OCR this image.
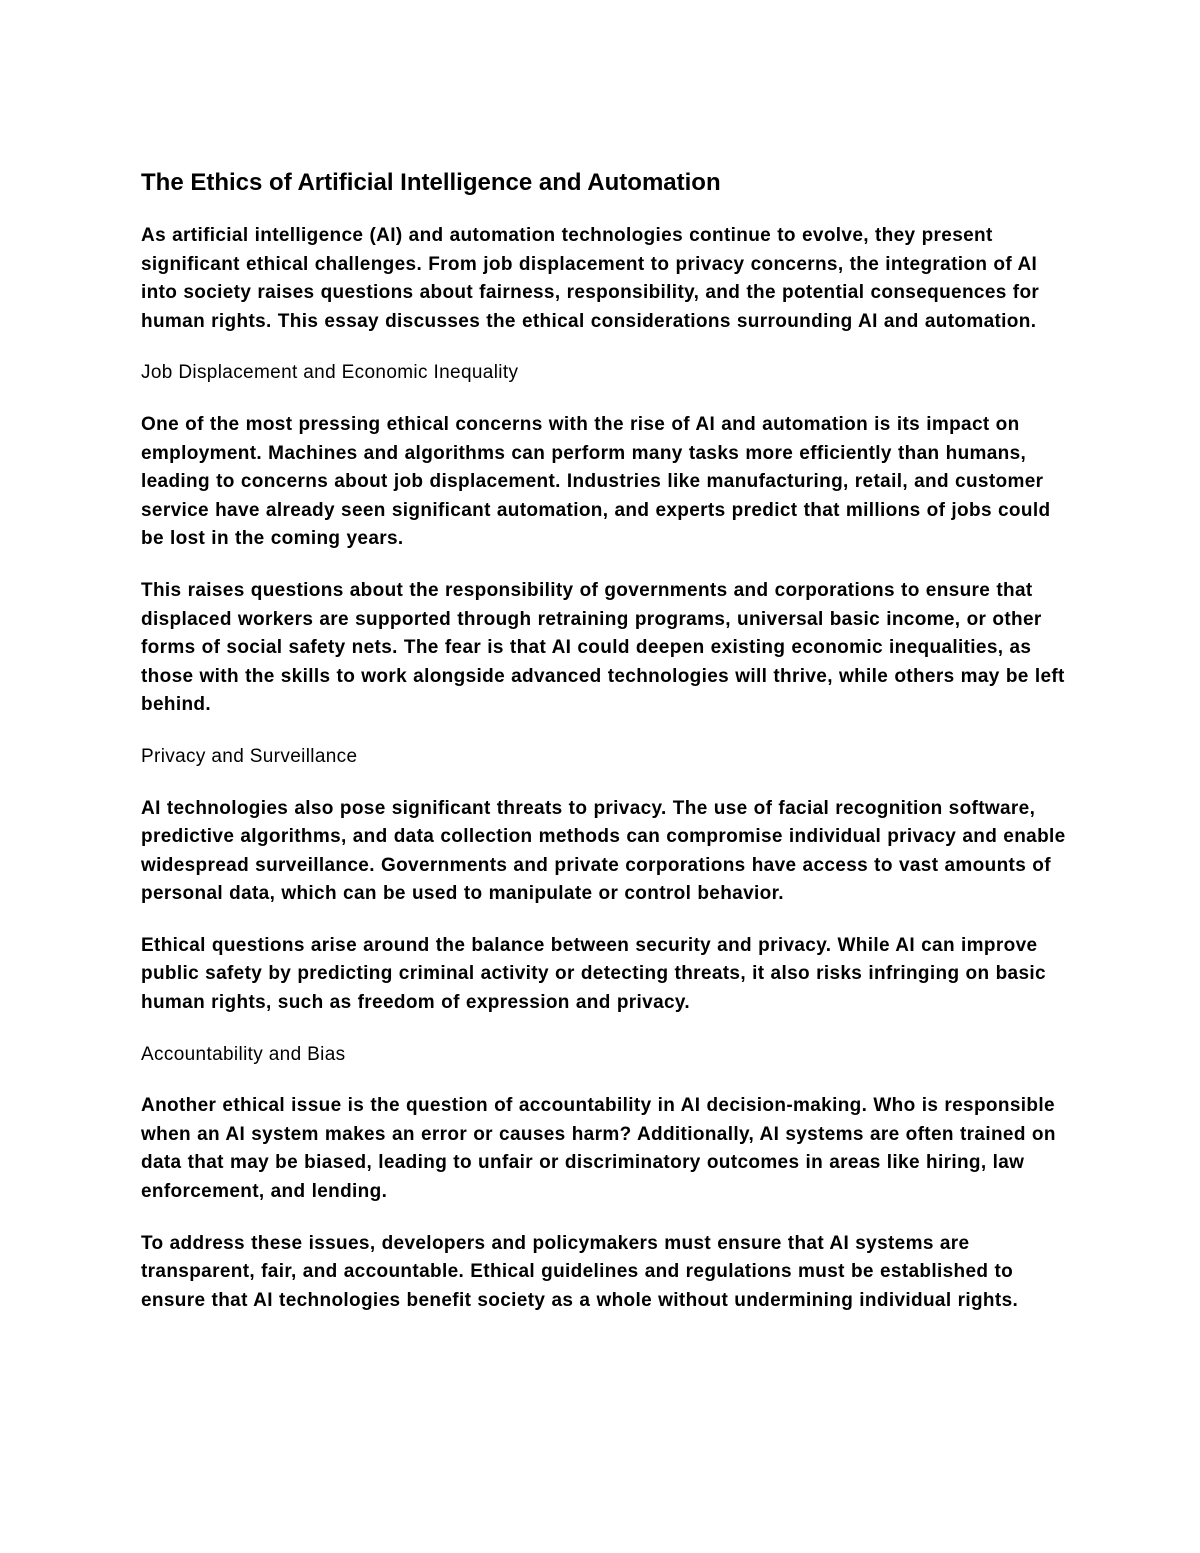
The Ethics of Artificial Intelligence and Automation

As artificial intelligence (AI) and automation technologies continue to evolve, they present significant ethical challenges. From job displacement to privacy concerns, the integration of AI into society raises questions about fairness, responsibility, and the potential consequences for human rights. This essay discusses the ethical considerations surrounding AI and automation.

Job Displacement and Economic Inequality

One of the most pressing ethical concerns with the rise of AI and automation is its impact on employment. Machines and algorithms can perform many tasks more efficiently than humans, leading to concerns about job displacement. Industries like manufacturing, retail, and customer service have already seen significant automation, and experts predict that millions of jobs could be lost in the coming years.

This raises questions about the responsibility of governments and corporations to ensure that displaced workers are supported through retraining programs, universal basic income, or other forms of social safety nets. The fear is that AI could deepen existing economic inequalities, as those with the skills to work alongside advanced technologies will thrive, while others may be left behind.

Privacy and Surveillance

AI technologies also pose significant threats to privacy. The use of facial recognition software, predictive algorithms, and data collection methods can compromise individual privacy and enable widespread surveillance. Governments and private corporations have access to vast amounts of personal data, which can be used to manipulate or control behavior.

Ethical questions arise around the balance between security and privacy. While AI can improve public safety by predicting criminal activity or detecting threats, it also risks infringing on basic human rights, such as freedom of expression and privacy.

Accountability and Bias

Another ethical issue is the question of accountability in AI decision-making. Who is responsible when an AI system makes an error or causes harm? Additionally, AI systems are often trained on data that may be biased, leading to unfair or discriminatory outcomes in areas like hiring, law enforcement, and lending.

To address these issues, developers and policymakers must ensure that AI systems are transparent, fair, and accountable. Ethical guidelines and regulations must be established to ensure that AI technologies benefit society as a whole without undermining individual rights.
